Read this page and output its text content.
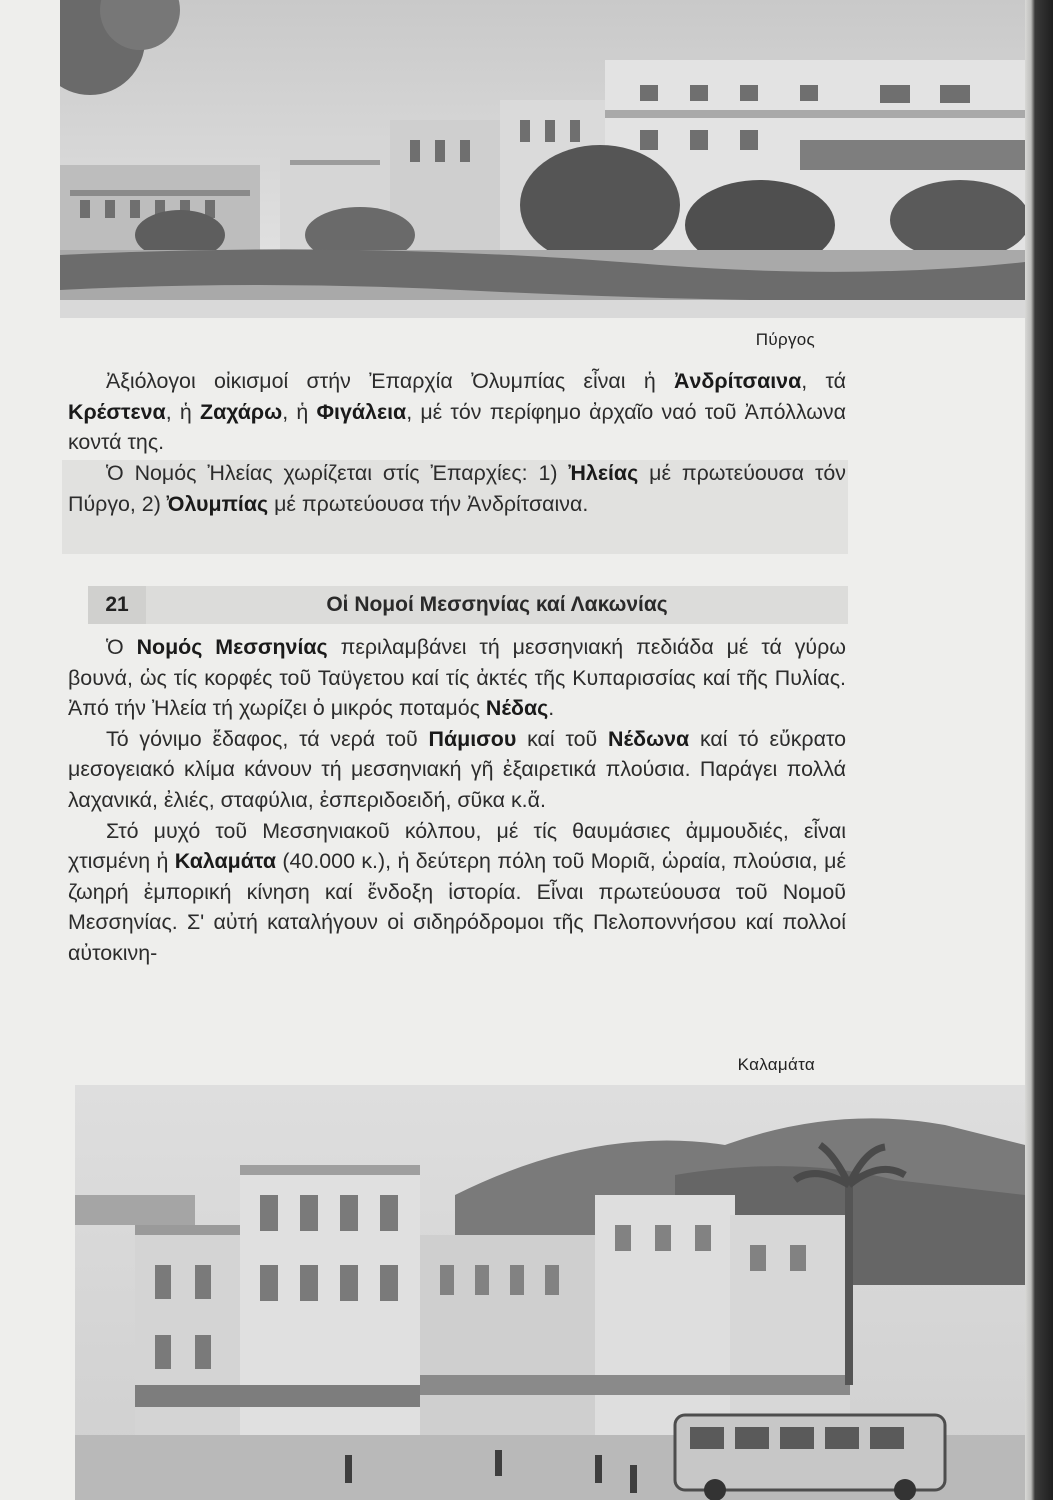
Πύργος

Ἀξιόλογοι οἰκισμοί στήν Ἐπαρχία Ὀλυμπίας εἶναι ἡ Ἀνδρίτσαινα, τά Κρέστενα, ἡ Ζαχάρω, ἡ Φιγάλεια, μέ τόν περίφημο ἀρχαῖο ναό τοῦ Ἀπόλλωνα κοντά της.

Ὁ Νομός Ἠλείας χωρίζεται στίς Ἐπαρχίες: 1) Ἠλείας μέ πρωτεύουσα τόν Πύργο, 2) Ὀλυμπίας μέ πρωτεύουσα τήν Ἀνδρίτσαινα.

21	Οἱ Νομοί Μεσσηνίας καί Λακωνίας

Ὁ Νομός Μεσσηνίας περιλαμβάνει τή μεσσηνιακή πεδιάδα μέ τά γύρω βουνά, ὡς τίς κορφές τοῦ Ταϋγετου καί τίς ἀκτές τῆς Κυπαρισσίας καί τῆς Πυλίας. Ἀπό τήν Ἠλεία τή χωρίζει ὁ μικρός ποταμός Νέδας.

Τό γόνιμο ἔδαφος, τά νερά τοῦ Πάμισου καί τοῦ Νέδωνα καί τό εὔκρατο μεσογειακό κλίμα κάνουν τή μεσσηνιακή γῆ ἐξαιρετικά πλούσια. Παράγει πολλά λαχανικά, ἐλιές, σταφύλια, ἐσπεριδοειδή, σῦκα κ.ἄ.

Στό μυχό τοῦ Μεσσηνιακοῦ κόλπου, μέ τίς θαυμάσιες ἀμμουδιές, εἶναι χτισμένη ἡ Καλαμάτα (40.000 κ.), ἡ δεύτερη πόλη τοῦ Μοριᾶ, ὡραία, πλούσια, μέ ζωηρή ἐμπορική κίνηση καί ἔνδοξη ἱστορία. Εἶναι πρωτεύουσα τοῦ Νομοῦ Μεσσηνίας. Σ' αὐτή καταλήγουν οἱ σιδηρόδρομοι τῆς Πελοποννήσου καί πολλοί αὐτοκινη-

Καλαμάτα
